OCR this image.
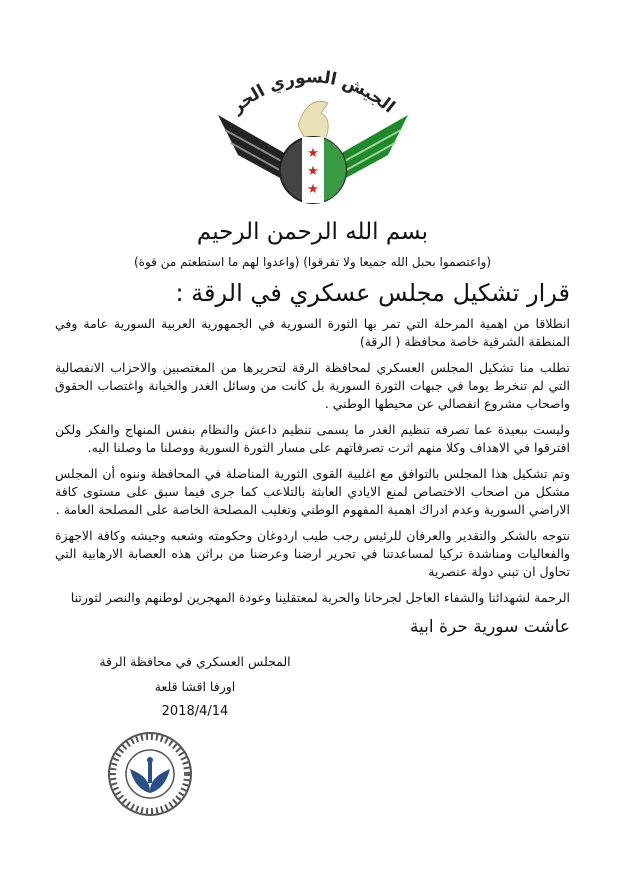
الجيش السوري الحر
★
★
★
بسم الله الرحمن الرحيم
(واعتصموا بحبل الله جميعا ولا تفرقوا) (واعدوا لهم ما استطعتم من قوة)
قرار تشكيل مجلس عسكري في الرقة :

انطلاقا من اهمية المرحلة التي تمر بها الثورة السورية في الجمهورية العربية السورية عامة وفي المنطقة الشرقية خاصة محافظة ( الرقة)

تطلب منا تشكيل المجلس العسكري لمحافظة الرقة لتحريرها من المغتصبين والاحزاب الانفصالية التي لم تنخرط يوما في جبهات الثورة السورية بل كانت من وسائل الغدر والخيانة واغتصاب الحقوق واصحاب مشروع انفصالي عن محيطها الوطني .

وليست ببعيدة عما تصرفه تنظيم الغدر ما يسمى تنظيم داعش والنظام بنفس المنهاج والفكر ولكن افترقوا في الاهداف وكلا منهم اثرت تصرفاتهم على مسار الثورة السورية ووصلنا ما وصلنا اليه.

وتم تشكيل هذا المجلس بالتوافق مع اغلبية القوى الثورية المناضلة في المحافظة وننوه أن المجلس مشكل من اصحاب الاختصاص لمنع الايادي العابثة بالتلاعب كما جرى فيما سبق على مستوى كافة الاراضي السورية وعدم ادراك اهمية المفهوم الوطني وتغليب المصلحة الخاصة على المصلحة العامة .

نتوجه بالشكر والتقدير والعرفان للرئيس رجب طيب اردوغان وحكومته وشعبه وجيشه وكافة الاجهزة والفعاليات ومناشدة تركيا لمساعدتنا في تحرير ارضنا وعرضنا من براثن هذه العصابة الارهابية التي تحاول ان تبني دولة عنصرية

الرحمة لشهدائنا والشفاء العاجل لجرحانا والحرية لمعتقلينا وعودة المهجرين لوطنهم والنصر لثورتنا

عاشت سورية حرة ابية
المجلس العسكري في محافظة الرقة
اورفا اقشا قلعة
2018/4/14
